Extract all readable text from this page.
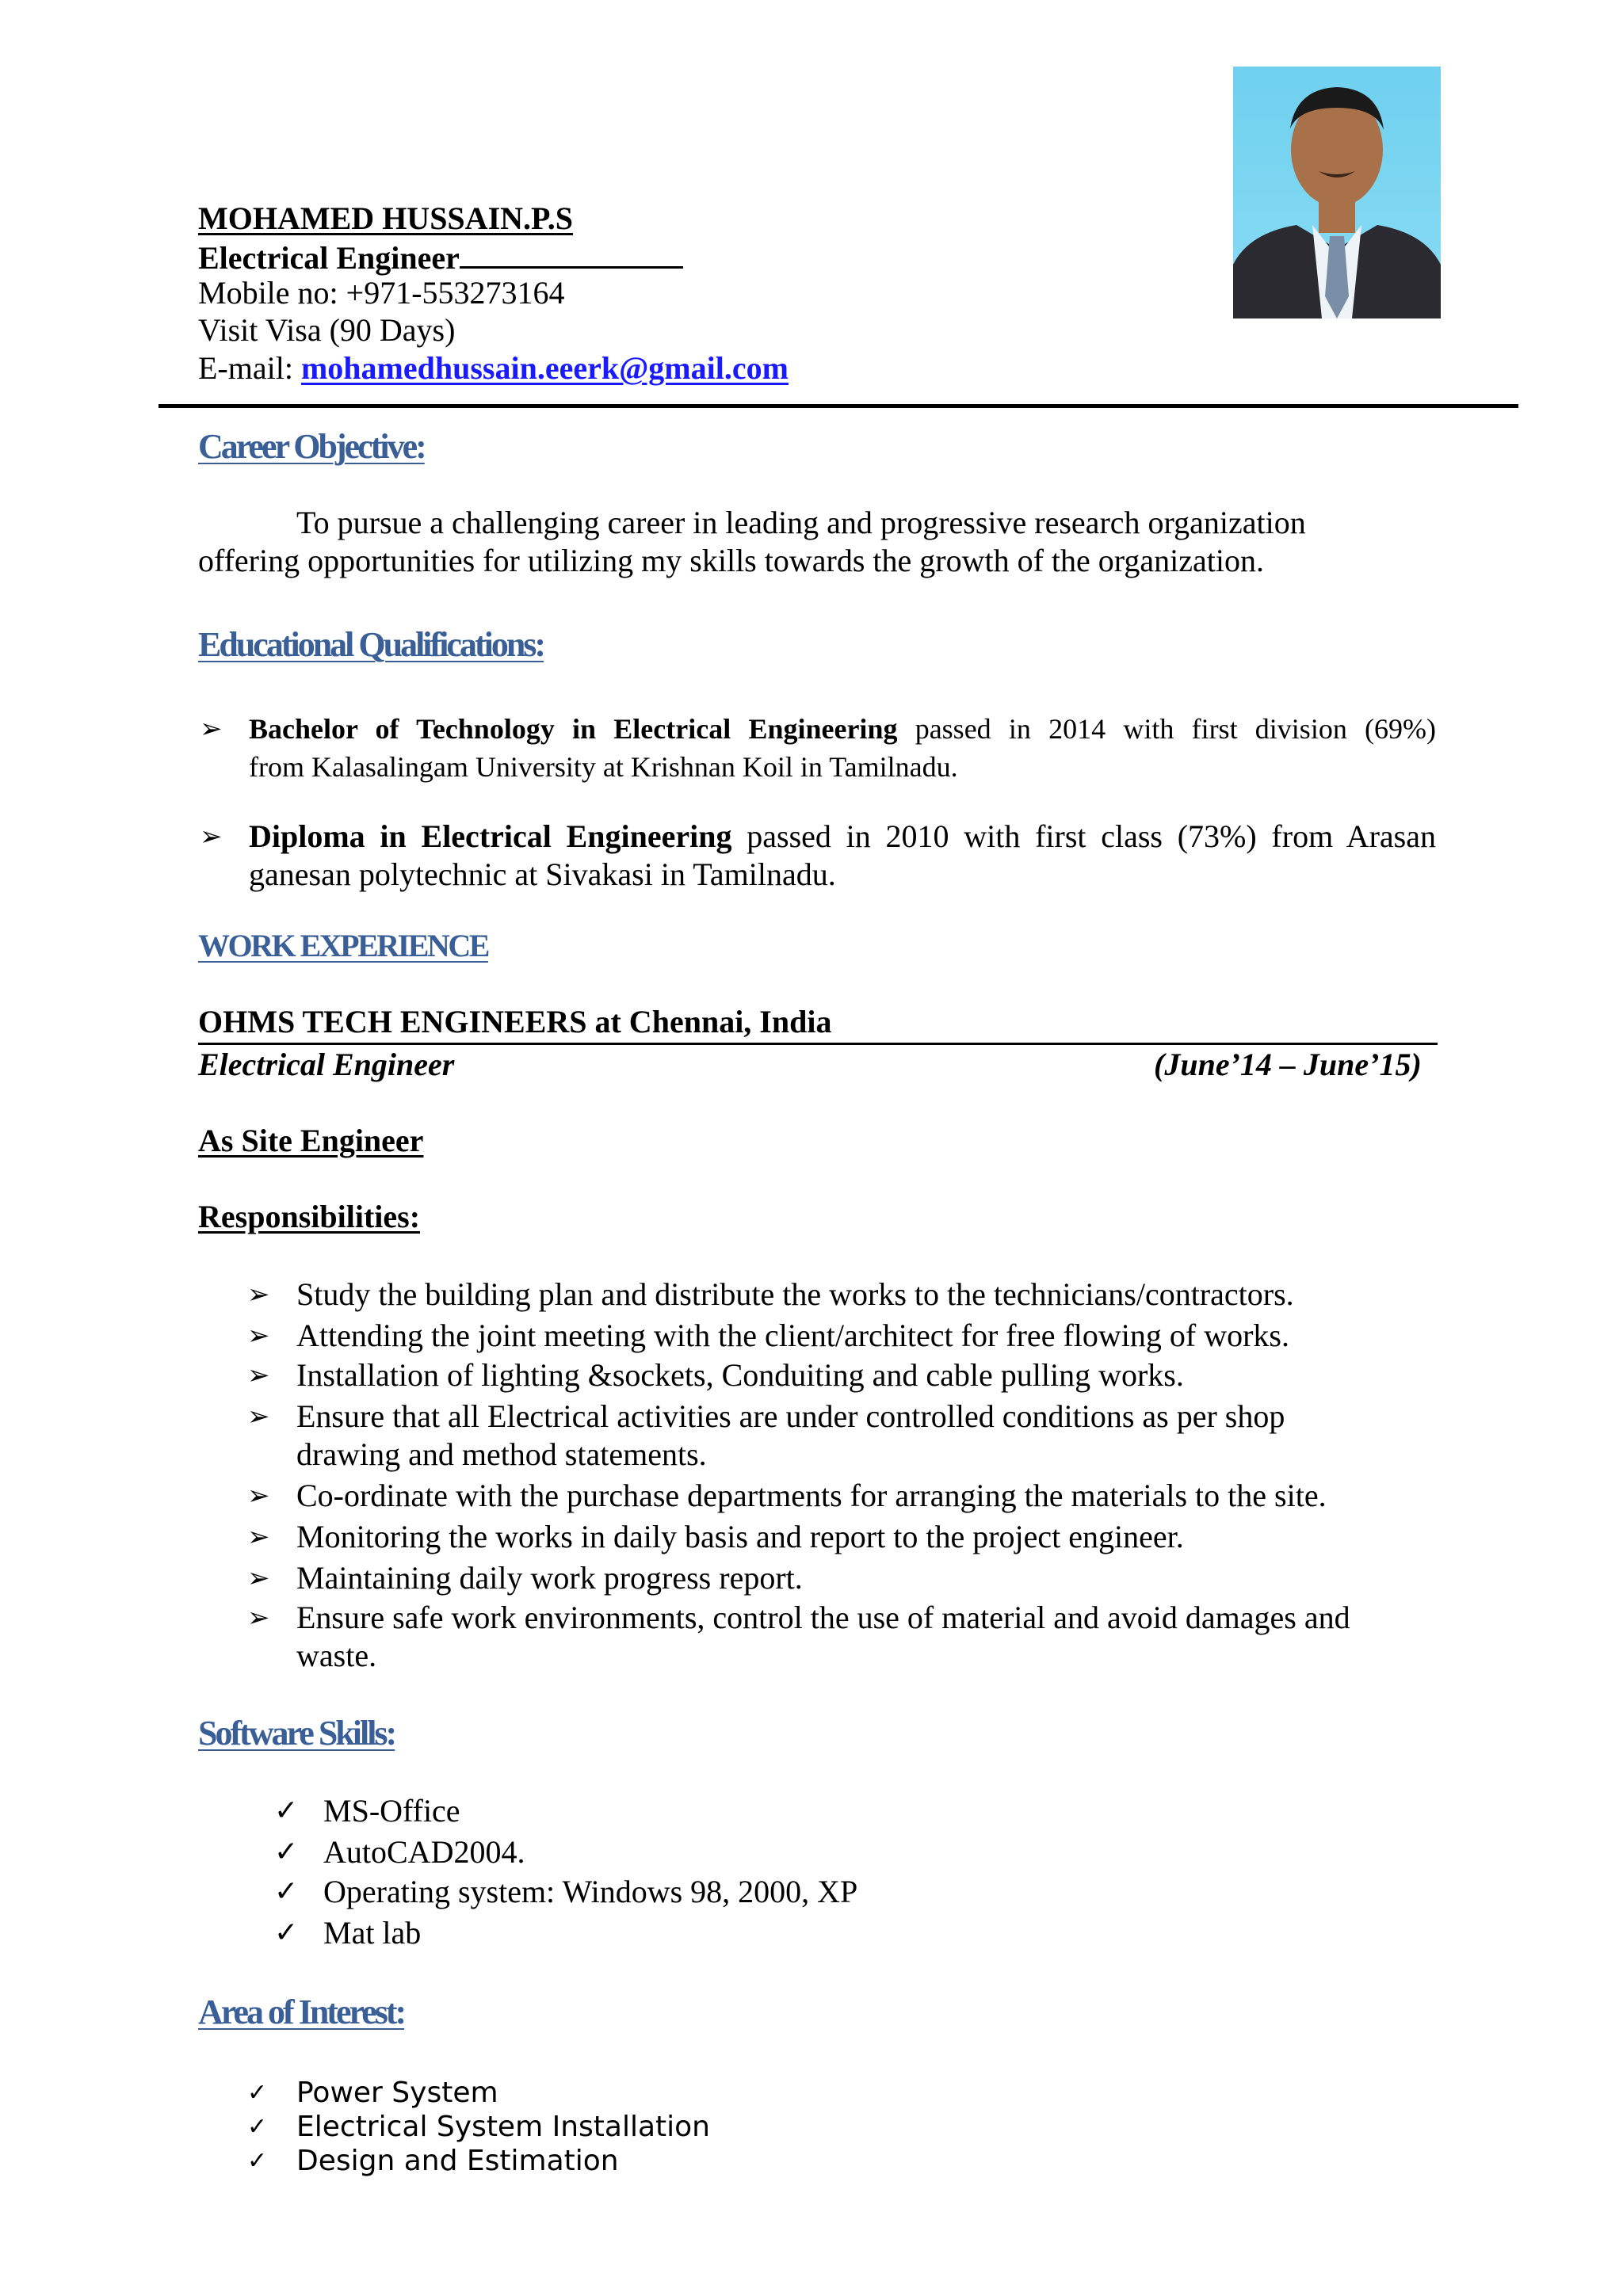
MOHAMED HUSSAIN.P.S
Electrical Engineer
Mobile no: +971-553273164
Visit Visa (90 Days)
E-mail: mohamedhussain.eeerk@gmail.com
Career Objective:
To pursue a challenging career in leading and progressive research organization
offering opportunities for utilizing my skills towards the growth of the organization.
Educational Qualifications:
➢ Bachelor of Technology in Electrical Engineering passed in 2014 with first division (69%)
from Kalasalingam University at Krishnan Koil in Tamilnadu.
➢ Diploma in Electrical Engineering passed in 2010 with first class (73%) from Arasan
ganesan polytechnic at Sivakasi in Tamilnadu.
WORK EXPERIENCE
OHMS TECH ENGINEERS at Chennai, India
Electrical Engineer	(June’14 – June’15)
As Site Engineer
Responsibilities:
➢ Study the building plan and distribute the works to the technicians/contractors.
➢ Attending the joint meeting with the client/architect for free flowing of works.
➢ Installation of lighting &sockets, Conduiting and cable pulling works.
➢ Ensure that all Electrical activities are under controlled conditions as per shop
drawing and method statements.
➢ Co-ordinate with the purchase departments for arranging the materials to the site.
➢ Monitoring the works in daily basis and report to the project engineer.
➢ Maintaining daily work progress report.
➢ Ensure safe work environments, control the use of material and avoid damages and
waste.
Software Skills:
✓ MS-Office
✓ AutoCAD2004.
✓ Operating system: Windows 98, 2000, XP
✓ Mat lab
Area of Interest:
✓ Power System
✓ Electrical System Installation
✓ Design and Estimation
